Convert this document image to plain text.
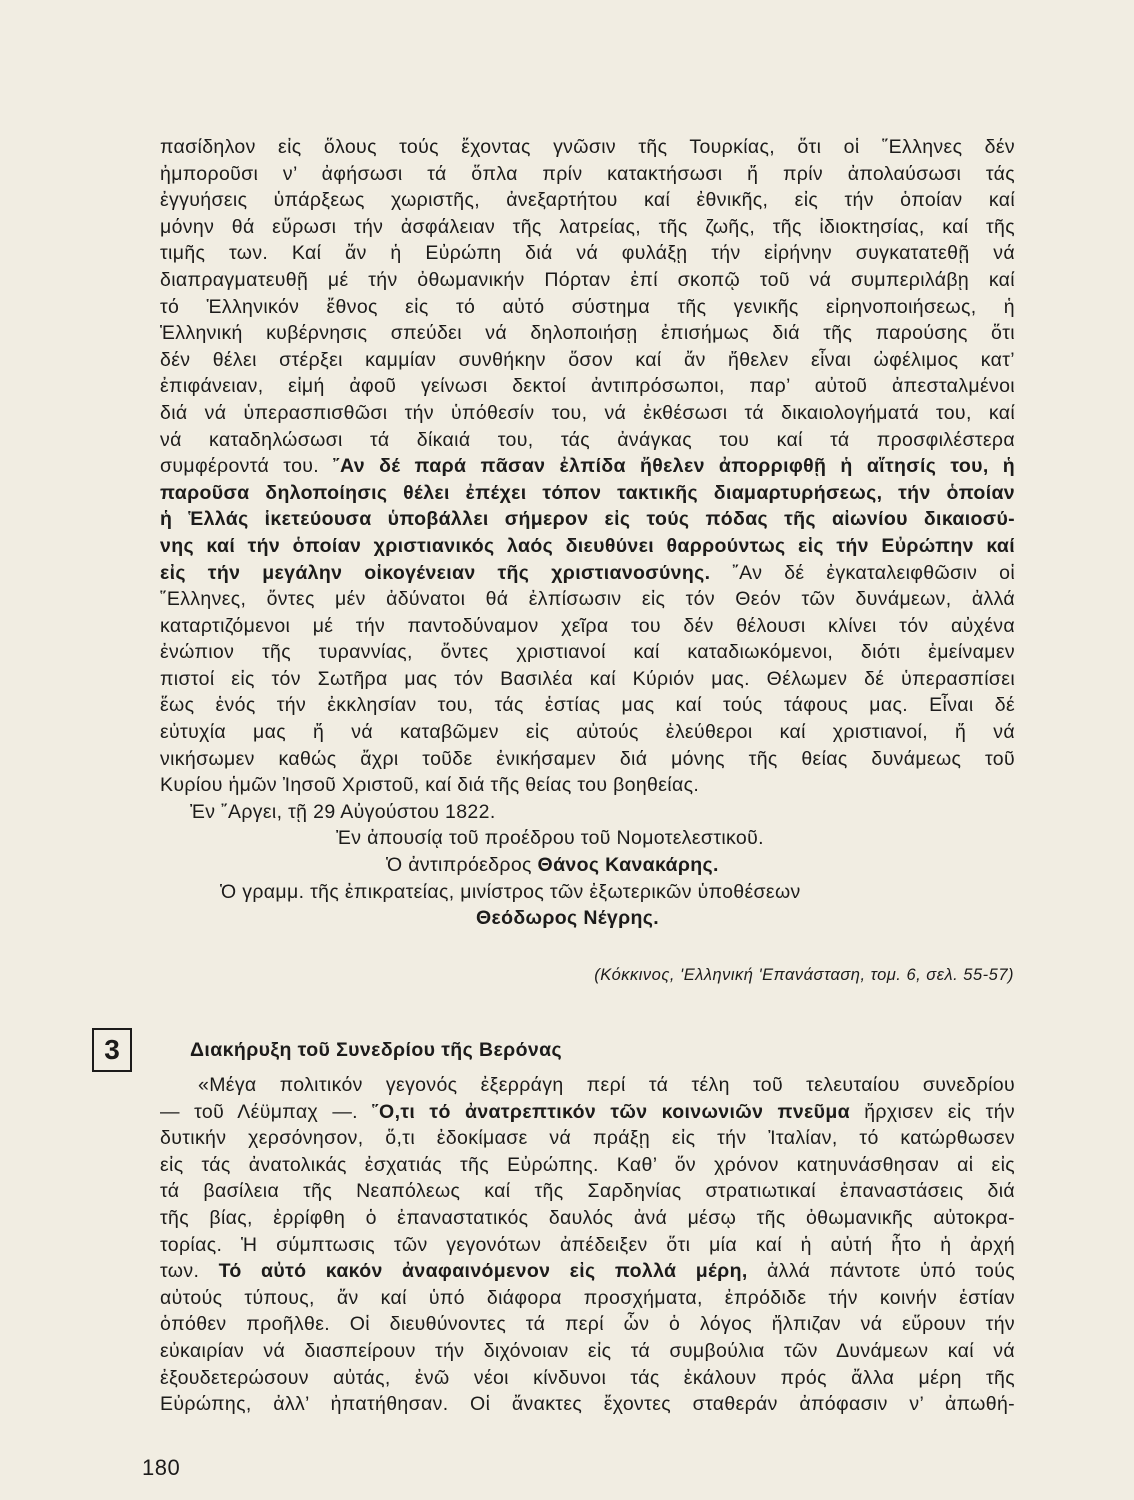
πασίδηλον εἰς ὅλους τούς ἔχοντας γνῶσιν τῆς Τουρκίας, ὅτι οἱ ῞Ελληνες δέν
ἠμποροῦσι ν’ ἀφήσωσι τά ὅπλα πρίν κατακτήσωσι ἤ πρίν ἀπολαύσωσι τάς
ἐγγυήσεις ὑπάρξεως χωριστῆς, ἀνεξαρτήτου καί ἐθνικῆς, εἰς τήν ὁποίαν καί
μόνην θά εὕρωσι τήν ἀσφάλειαν τῆς λατρείας, τῆς ζωῆς, τῆς ἰδιοκτησίας, καί τῆς
τιμῆς των. Καί ἄν ἡ Εὐρώπη διά νά φυλάξῃ τήν εἰρήνην συγκατατεθῇ νά
διαπραγματευθῇ μέ τήν ὀθωμανικήν Πόρταν ἐπί σκοπῷ τοῦ νά συμπεριλάβῃ καί
τό Ἑλληνικόν ἔθνος εἰς τό αὐτό σύστημα τῆς γενικῆς εἰρηνοποιήσεως, ἡ
Ἑλληνική κυβέρνησις σπεύδει νά δηλοποιήσῃ ἐπισήμως διά τῆς παρούσης ὅτι
δέν θέλει στέρξει καμμίαν συνθήκην ὅσον καί ἄν ἤθελεν εἶναι ὠφέλιμος κατ’
ἐπιφάνειαν, εἰμή ἀφοῦ γείνωσι δεκτοί ἀντιπρόσωποι, παρ’ αὐτοῦ ἀπεσταλμένοι
διά νά ὑπερασπισθῶσι τήν ὑπόθεσίν του, νά ἐκθέσωσι τά δικαιολογήματά του, καί
νά καταδηλώσωσι τά δίκαιά του, τάς ἀνάγκας του καί τά προσφιλέστερα
συμφέροντά του. ῎Αν δέ παρά πᾶσαν ἐλπίδα ἤθελεν ἀπορριφθῇ ἡ αἴτησίς του, ἡ
παροῦσα δηλοποίησις θέλει ἐπέχει τόπον τακτικῆς διαμαρτυρήσεως, τήν ὁποίαν
ἡ Ἑλλάς ἱκετεύουσα ὑποβάλλει σήμερον εἰς τούς πόδας τῆς αἰωνίου δικαιοσύ-
νης καί τήν ὁποίαν χριστιανικός λαός διευθύνει θαρρούντως εἰς τήν Εὐρώπην καί
εἰς τήν μεγάλην οἰκογένειαν τῆς χριστιανοσύνης. ῎Αν δέ ἐγκαταλειφθῶσιν οἱ
῞Ελληνες, ὄντες μέν ἀδύνατοι θά ἐλπίσωσιν εἰς τόν Θεόν τῶν δυνάμεων, ἀλλά
καταρτιζόμενοι μέ τήν παντοδύναμον χεῖρα του δέν θέλουσι κλίνει τόν αὐχένα
ἐνώπιον τῆς τυραννίας, ὄντες χριστιανοί καί καταδιωκόμενοι, διότι ἐμείναμεν
πιστοί εἰς τόν Σωτῆρα μας τόν Βασιλέα καί Κύριόν μας. Θέλωμεν δέ ὑπερασπίσει
ἕως ἑνός τήν ἐκκλησίαν του, τάς ἑστίας μας καί τούς τάφους μας. Εἶναι δέ
εὐτυχία μας ἤ νά καταβῶμεν εἰς αὐτούς ἐλεύθεροι καί χριστιανοί, ἤ νά
νικήσωμεν καθώς ἄχρι τοῦδε ἐνικήσαμεν διά μόνης τῆς θείας δυνάμεως τοῦ
Κυρίου ἡμῶν Ἰησοῦ Χριστοῦ, καί διά τῆς θείας του βοηθείας.
Ἐν ῎Αργει, τῇ 29 Αὐγούστου 1822.
Ἐν ἀπουσίᾳ τοῦ προέδρου τοῦ Νομοτελεστικοῦ.
Ὁ ἀντιπρόεδρος Θάνος Κανακάρης.
Ὁ γραμμ. τῆς ἐπικρατείας, μινίστρος τῶν ἐξωτερικῶν ὑποθέσεων
Θεόδωρος Νέγρης.
(Κόκκινος, 'Ελληνική 'Επανάσταση, τομ. 6, σελ. 55-57)
3	Διακήρυξη τοῦ Συνεδρίου τῆς Βερόνας
«Μέγα πολιτικόν γεγονός ἐξερράγη περί τά τέλη τοῦ τελευταίου συνεδρίου
— τοῦ Λέϋμπαχ —. ῞Ο,τι τό ἀνατρεπτικόν τῶν κοινωνιῶν πνεῦμα ἤρχισεν εἰς τήν
δυτικήν χερσόνησον, ὅ,τι ἐδοκίμασε νά πράξῃ εἰς τήν Ἰταλίαν, τό κατώρθωσεν
εἰς τάς ἀνατολικάς ἐσχατιάς τῆς Εὐρώπης. Καθ’ ὅν χρόνον κατηυνάσθησαν αἱ εἰς
τά βασίλεια τῆς Νεαπόλεως καί τῆς Σαρδηνίας στρατιωτικαί ἐπαναστάσεις διά
τῆς βίας, ἐρρίφθη ὁ ἐπαναστατικός δαυλός ἀνά μέσῳ τῆς ὀθωμανικῆς αὐτοκρα-
τορίας. Ἡ σύμπτωσις τῶν γεγονότων ἀπέδειξεν ὅτι μία καί ἡ αὐτή ἦτο ἡ ἀρχή
των. Τό αὐτό κακόν ἀναφαινόμενον εἰς πολλά μέρη, ἀλλά πάντοτε ὑπό τούς
αὐτούς τύπους, ἄν καί ὑπό διάφορα προσχήματα, ἐπρόδιδε τήν κοινήν ἑστίαν
ὁπόθεν προῆλθε. Οἱ διευθύνοντες τά περί ὧν ὁ λόγος ἤλπιζαν νά εὕρουν τήν
εὐκαιρίαν νά διασπείρουν τήν διχόνοιαν εἰς τά συμβούλια τῶν Δυνάμεων καί νά
ἐξουδετερώσουν αὐτάς, ἐνῶ νέοι κίνδυνοι τάς ἐκάλουν πρός ἄλλα μέρη τῆς
Εὐρώπης, ἀλλ’ ἠπατήθησαν. Οἱ ἄνακτες ἔχοντες σταθεράν ἀπόφασιν ν’ ἀπωθή-
180
